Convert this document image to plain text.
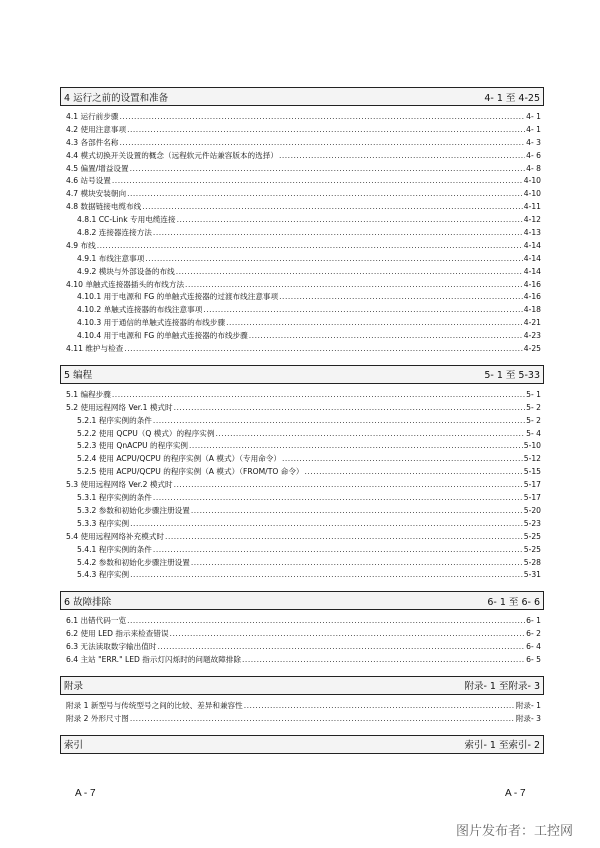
4 运行之前的设置和准备	4- 1 至 4-25
4.1 运行前步骤 .....	4- 1
4.2 使用注意事项 .....	4- 1
4.3 各部件名称 .....	4- 3
4.4 模式切换开关设置的概念（远程软元件站兼容版本的选择） .....	4- 6
4.5 偏置/增益设置 .....	4- 8
4.6 站号设置 .....	4-10
4.7 模块安装朝向 .....	4-10
4.8 数据链接电缆布线 .....	4-11
4.8.1 CC-Link 专用电缆连接 .....	4-12
4.8.2 连接器连接方法 .....	4-13
4.9 布线 .....	4-14
4.9.1 布线注意事项 .....	4-14
4.9.2 模块与外部设备的布线 .....	4-14
4.10 单触式连接器插头的布线方法 .....	4-16
4.10.1 用于电源和 FG 的单触式连接器的过渡布线注意事项 .....	4-16
4.10.2 单触式连接器的布线注意事项 .....	4-18
4.10.3 用于通信的单触式连接器的布线步骤 .....	4-21
4.10.4 用于电源和 FG 的单触式连接器的布线步骤 .....	4-23
4.11 维护与检查 .....	4-25
5 编程	5- 1 至 5-33
5.1 编程步骤 .....	5- 1
5.2 使用远程网络 Ver.1 模式时 .....	5- 2
5.2.1 程序实例的条件 .....	5- 2
5.2.2 使用 QCPU（Q 模式）的程序实例 .....	5- 4
5.2.3 使用 QnACPU 的程序实例 .....	5-10
5.2.4 使用 ACPU/QCPU 的程序实例（A 模式）（专用命令） .....	5-12
5.2.5 使用 ACPU/QCPU 的程序实例（A 模式）（FROM/TO 命令） .....	5-15
5.3 使用远程网络 Ver.2 模式时 .....	5-17
5.3.1 程序实例的条件 .....	5-17
5.3.2 参数和初始化步骤注册设置 .....	5-20
5.3.3 程序实例 .....	5-23
5.4 使用远程网络补充模式时 .....	5-25
5.4.1 程序实例的条件 .....	5-25
5.4.2 参数和初始化步骤注册设置 .....	5-28
5.4.3 程序实例 .....	5-31
6 故障排除	6- 1 至 6- 6
6.1 出错代码一览 .....	6- 1
6.2 使用 LED 指示来检查错误 .....	6- 2
6.3 无法读取数字输出值时 .....	6- 4
6.4 主站 "ERR." LED 指示灯闪烁时的问题故障排除 .....	6- 5
附录	附录- 1 至附录- 3
附录 1 新型号与传统型号之间的比较、差异和兼容性 .....	附录- 1
附录 2 外形尺寸图 .....	附录- 3
索引	索引- 1 至索引- 2
A - 7	A - 7
图片发布者：工控网
